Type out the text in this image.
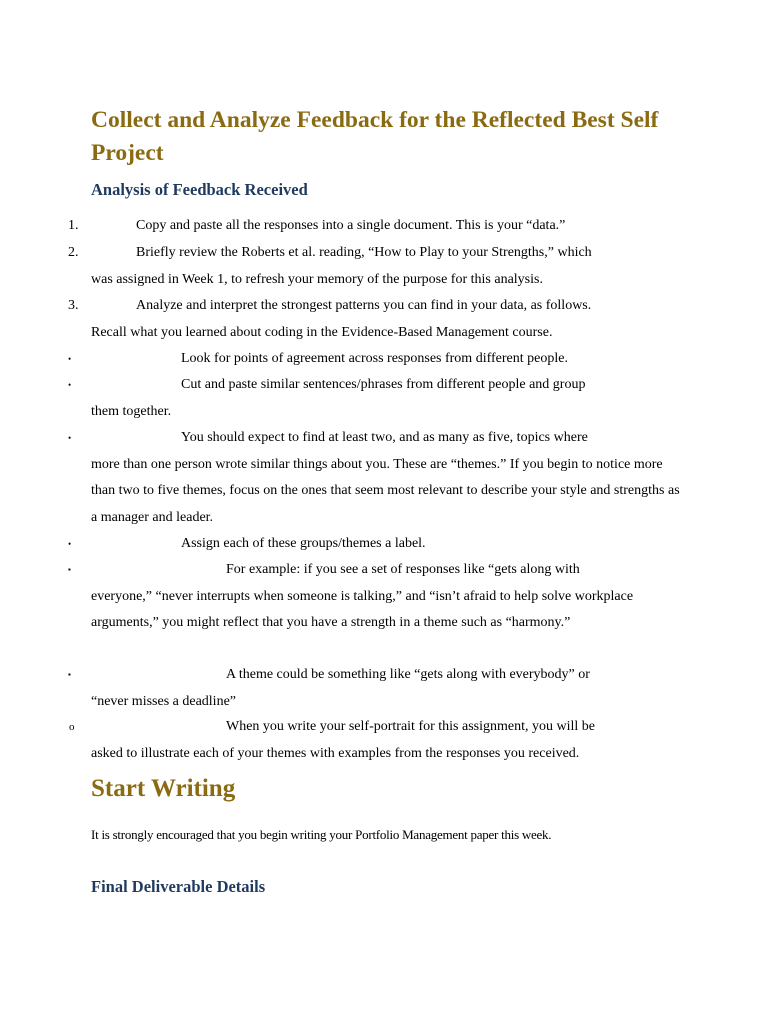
Collect and Analyze Feedback for the Reflected Best Self Project
Analysis of Feedback Received
1.	Copy and paste all the responses into a single document. This is your “data.”
2.	Briefly review the Roberts et al. reading, “How to Play to your Strengths,” which
was assigned in Week 1, to refresh your memory of the purpose for this analysis.
3.	Analyze and interpret the strongest patterns you can find in your data, as follows.
Recall what you learned about coding in the Evidence-Based Management course.
•	Look for points of agreement across responses from different people.
•	Cut and paste similar sentences/phrases from different people and group
them together.
•	You should expect to find at least two, and as many as five, topics where
more than one person wrote similar things about you. These are “themes.” If you begin to notice more than two to five themes, focus on the ones that seem most relevant to describe your style and strengths as a manager and leader.
•	Assign each of these groups/themes a label.
▪	For example: if you see a set of responses like “gets along with
everyone,” “never interrupts when someone is talking,” and “isn’t afraid to help solve workplace arguments,” you might reflect that you have a strength in a theme such as “harmony.”
▪	A theme could be something like “gets along with everybody” or
“never misses a deadline”
o	When you write your self-portrait for this assignment, you will be
asked to illustrate each of your themes with examples from the responses you received.
Start Writing
It is strongly encouraged that you begin writing your Portfolio Management paper this week.
Final Deliverable Details
